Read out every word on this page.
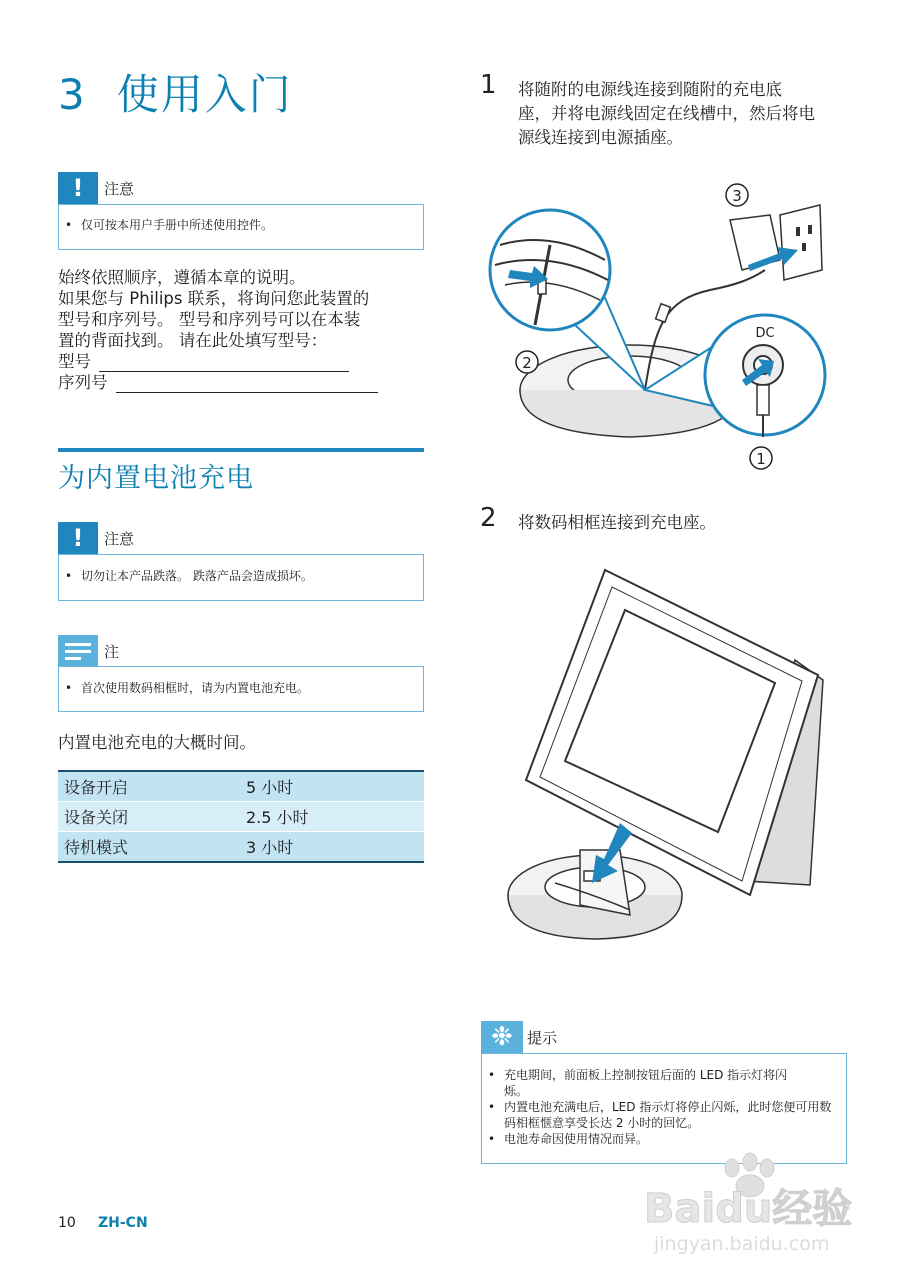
3 使用入门
!	注意
• 仅可按本用户手册中所述使用控件。
始终依照顺序，遵循本章的说明。
如果您与 Philips 联系，将询问您此装置的
型号和序列号。 型号和序列号可以在本装
置的背面找到。 请在此处填写型号：
型号
序列号
为内置电池充电
!	注意
• 切勿让本产品跌落。 跌落产品会造成损坏。
注
• 首次使用数码相框时，请为内置电池充电。
内置电池充电的大概时间。
设备开启	5 小时
设备关闭	2.5 小时
待机模式	3 小时
1 将随附的电源线连接到随附的充电底
座，并将电源线固定在线槽中，然后将电
源线连接到电源插座。
3
2
DC
1
2 将数码相框连接到充电座。
❉ 提示
• 充电期间，前面板上控制按钮后面的 LED 指示灯将闪烁。
• 内置电池充满电后，LED 指示灯将停止闪烁，此时您便可用数码相框惬意享受长达 2 小时的回忆。
• 电池寿命因使用情况而异。
10 ZH-CN	Baidu经验
jingyan.baidu.com
